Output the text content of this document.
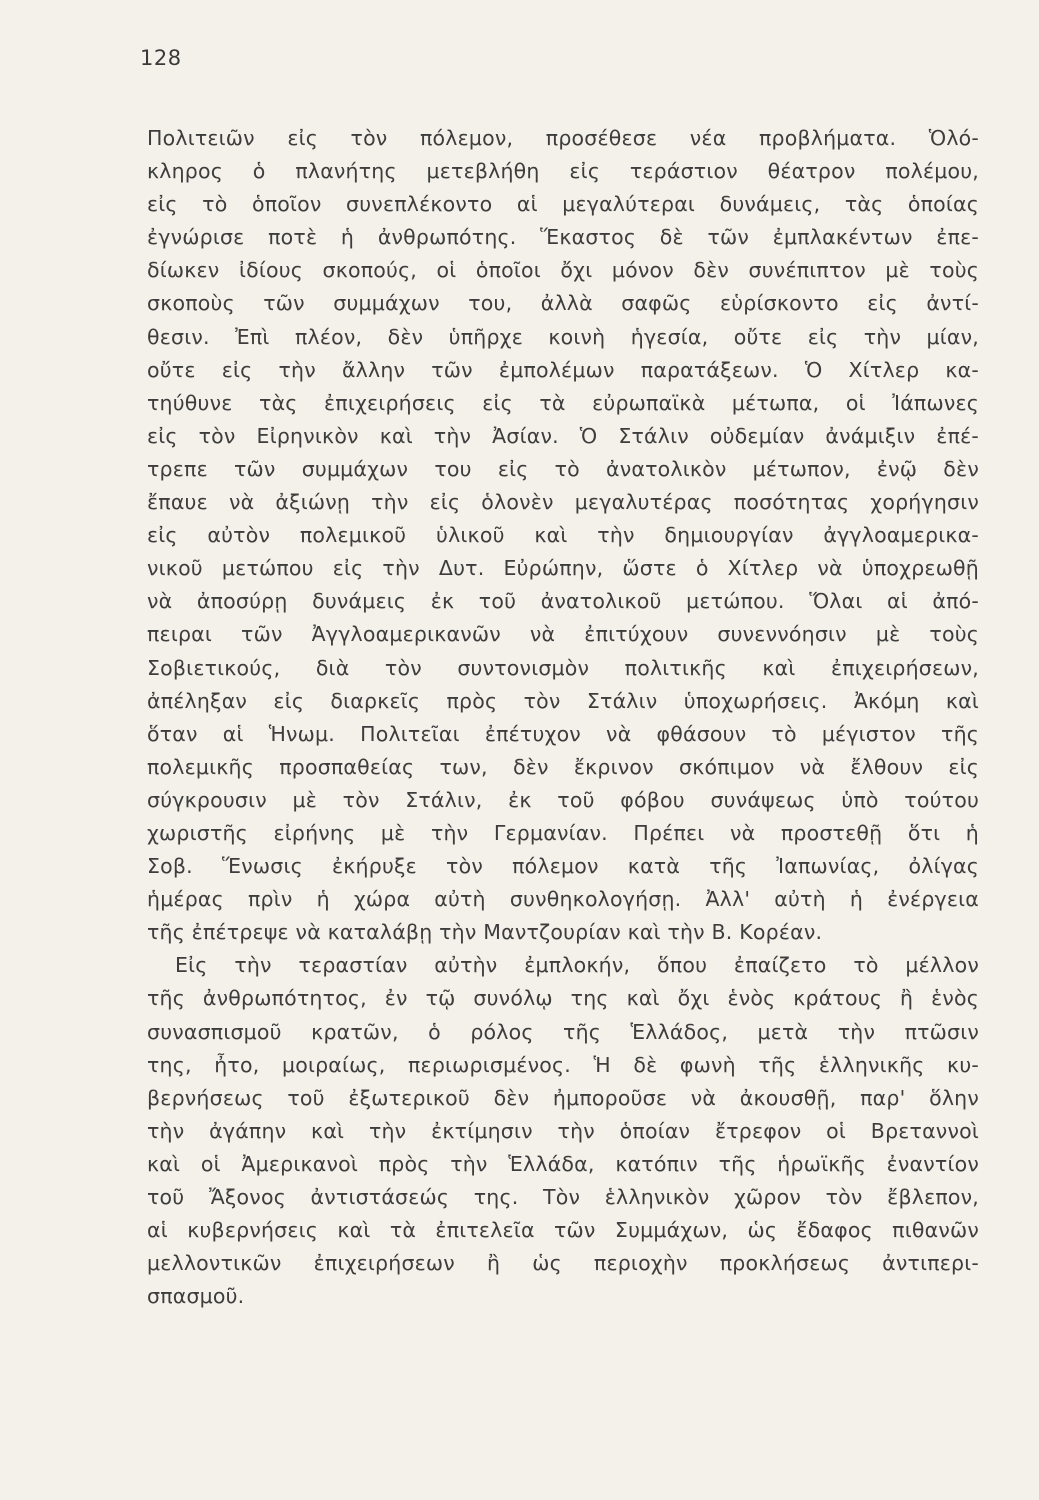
128
Πολιτειῶν εἰς τὸν πόλεμον, προσέθεσε νέα προβλήματα. Ὁλό-
κληρος ὁ πλανήτης μετεβλήθη εἰς τεράστιον θέατρον πολέμου,
εἰς τὸ ὁποῖον συνεπλέκοντο αἱ μεγαλύτεραι δυνάμεις, τὰς ὁποίας
ἐγνώρισε ποτὲ ἡ ἀνθρωπότης. Ἕκαστος δὲ τῶν ἐμπλακέντων ἐπε-
δίωκεν ἰδίους σκοπούς, οἱ ὁποῖοι ὄχι μόνον δὲν συνέπιπτον μὲ τοὺς
σκοποὺς τῶν συμμάχων του, ἀλλὰ σαφῶς εὑρίσκοντο εἰς ἀντί-
θεσιν. Ἐπὶ πλέον, δὲν ὑπῆρχε κοινὴ ἡγεσία, οὔτε εἰς τὴν μίαν,
οὔτε εἰς τὴν ἄλλην τῶν ἐμπολέμων παρατάξεων. Ὁ Χίτλερ κα-
τηύθυνε τὰς ἐπιχειρήσεις εἰς τὰ εὐρωπαϊκὰ μέτωπα, οἱ Ἰάπωνες
εἰς τὸν Εἰρηνικὸν καὶ τὴν Ἀσίαν. Ὁ Στάλιν οὐδεμίαν ἀνάμιξιν ἐπέ-
τρεπε τῶν συμμάχων του εἰς τὸ ἀνατολικὸν μέτωπον, ἐνῷ δὲν
ἔπαυε νὰ ἀξιώνῃ τὴν εἰς ὁλονὲν μεγαλυτέρας ποσότητας χορήγησιν
εἰς αὐτὸν πολεμικοῦ ὑλικοῦ καὶ τὴν δημιουργίαν ἀγγλοαμερικα-
νικοῦ μετώπου εἰς τὴν Δυτ. Εὐρώπην, ὥστε ὁ Χίτλερ νὰ ὑποχρεωθῇ
νὰ ἀποσύρῃ δυνάμεις ἐκ τοῦ ἀνατολικοῦ μετώπου. Ὅλαι αἱ ἀπό-
πειραι τῶν Ἀγγλοαμερικανῶν νὰ ἐπιτύχουν συνεννόησιν μὲ τοὺς
Σοβιετικούς, διὰ τὸν συντονισμὸν πολιτικῆς καὶ ἐπιχειρήσεων,
ἀπέληξαν εἰς διαρκεῖς πρὸς τὸν Στάλιν ὑποχωρήσεις. Ἀκόμη καὶ
ὅταν αἱ Ἡνωμ. Πολιτεῖαι ἐπέτυχον νὰ φθάσουν τὸ μέγιστον τῆς
πολεμικῆς προσπαθείας των, δὲν ἔκρινον σκόπιμον νὰ ἔλθουν εἰς
σύγκρουσιν μὲ τὸν Στάλιν, ἐκ τοῦ φόβου συνάψεως ὑπὸ τούτου
χωριστῆς εἰρήνης μὲ τὴν Γερμανίαν. Πρέπει νὰ προστεθῇ ὅτι ἡ
Σοβ. Ἕνωσις ἐκήρυξε τὸν πόλεμον κατὰ τῆς Ἰαπωνίας, ὀλίγας
ἡμέρας πρὶν ἡ χώρα αὐτὴ συνθηκολογήσῃ. Ἀλλ' αὐτὴ ἡ ἐνέργεια
τῆς ἐπέτρεψε νὰ καταλάβῃ τὴν Μαντζουρίαν καὶ τὴν Β. Κορέαν.
Εἰς τὴν τεραστίαν αὐτὴν ἐμπλοκήν, ὅπου ἐπαίζετο τὸ μέλλον
τῆς ἀνθρωπότητος, ἐν τῷ συνόλῳ της καὶ ὄχι ἑνὸς κράτους ἢ ἑνὸς
συνασπισμοῦ κρατῶν, ὁ ρόλος τῆς Ἑλλάδος, μετὰ τὴν πτῶσιν
της, ἦτο, μοιραίως, περιωρισμένος. Ἡ δὲ φωνὴ τῆς ἑλληνικῆς κυ-
βερνήσεως τοῦ ἐξωτερικοῦ δὲν ἠμποροῦσε νὰ ἀκουσθῇ, παρ' ὅλην
τὴν ἀγάπην καὶ τὴν ἐκτίμησιν τὴν ὁποίαν ἔτρεφον οἱ Βρεταννοὶ
καὶ οἱ Ἀμερικανοὶ πρὸς τὴν Ἑλλάδα, κατόπιν τῆς ἡρωϊκῆς ἐναντίον
τοῦ Ἄξονος ἀντιστάσεώς της. Τὸν ἑλληνικὸν χῶρον τὸν ἔβλεπον,
αἱ κυβερνήσεις καὶ τὰ ἐπιτελεῖα τῶν Συμμάχων, ὡς ἔδαφος πιθανῶν
μελλοντικῶν ἐπιχειρήσεων ἢ ὡς περιοχὴν προκλήσεως ἀντιπερι-
σπασμοῦ.
